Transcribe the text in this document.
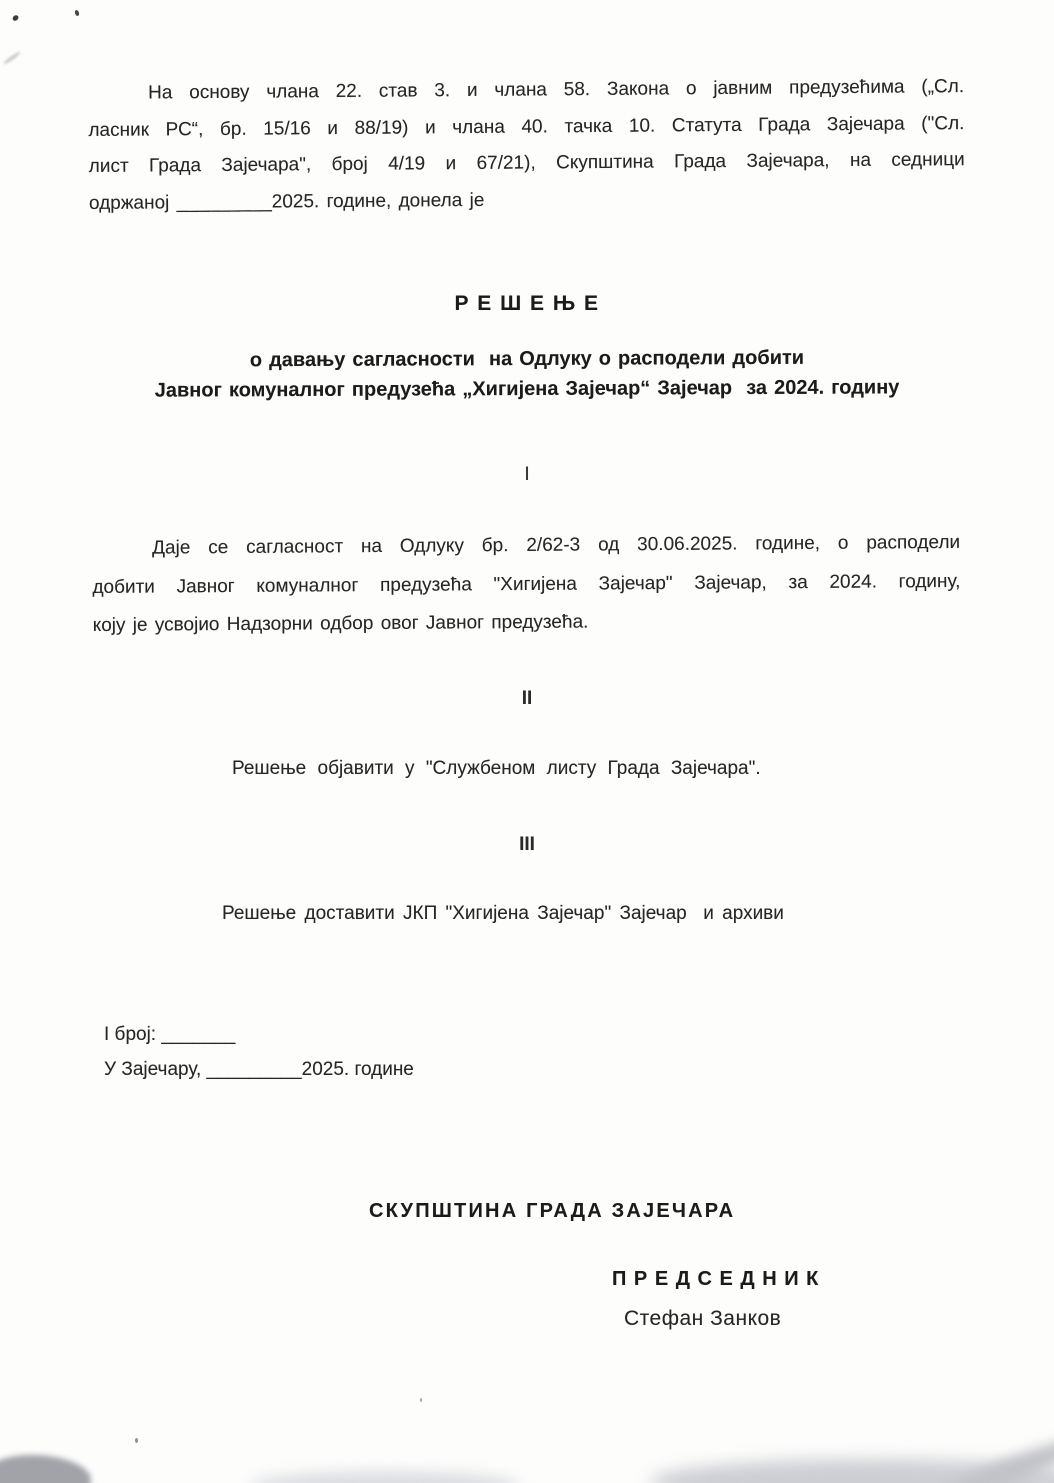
На основу члана 22. став 3. и члана 58. Закона о јавним предузећима („Сл.
ласник РС“, бр. 15/16 и 88/19) и члана 40. тачка 10. Статута Града Зајечара ("Сл.
лист Града Зајечара", број 4/19 и 67/21), Скупштина Града Зајечара, на седници
одржаној _________2025. године, донела је
Р Е Ш Е Њ Е
о давању сагласности  на Одлуку о расподели добити
Јавног комуналног предузећа „Хигијена Зајечар“ Зајечар  за 2024. годину
I
Даје се сагласност на Одлуку бр. 2/62-3 од 30.06.2025. године, о расподели
добити Јавног комуналног предузећа "Хигијена Зајечар" Зајечар, за 2024. годину,
коју је усвојио Надзорни одбор овог Јавног предузећа.
II
Решење објавити у "Службеном листу Града Зајечара".
III
Решење доставити ЈКП "Хигијена Зајечар" Зајечар  и архиви
I број: _______
У Зајечару, _________2025. године
СКУПШТИНА ГРАДА ЗАЈЕЧАРА
П Р Е Д С Е Д Н И К
Стефан Занков
